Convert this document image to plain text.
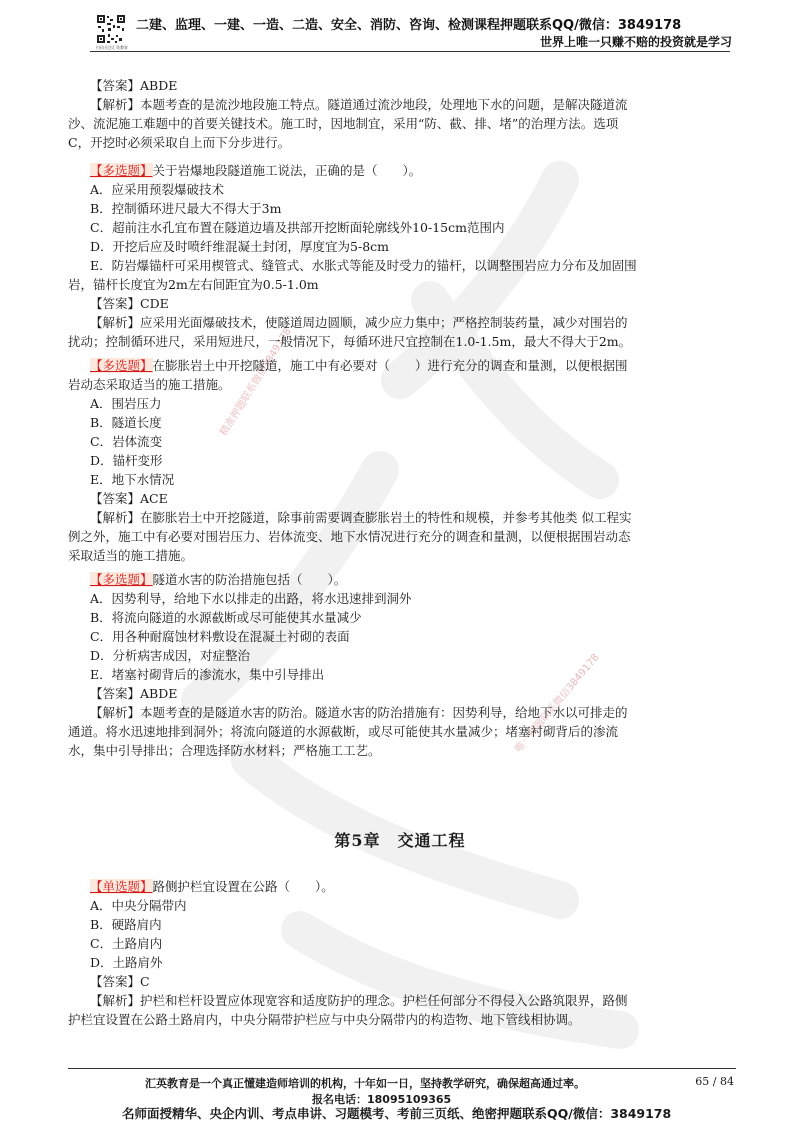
精准押题联系微信3849178
唯一押题联系微信3849178
扫码关注汇英教育
二建、监理、一建、一造、二造、安全、消防、咨询、检测课程押题联系QQ/微信：3849178
世界上唯一只赚不赔的投资就是学习
【答案】ABDE
【解析】本题考查的是流沙地段施工特点。隧道通过流沙地段，处理地下水的问题，是解决隧道流
沙、流泥施工难题中的首要关键技术。施工时，因地制宜，采用“防、截、排、堵”的治理方法。选项
C，开挖时必须采取自上而下分步进行。
【多选题】关于岩爆地段隧道施工说法，正确的是（　　）。
A．应采用预裂爆破技术
B．控制循环进尺最大不得大于3m
C．超前注水孔宜布置在隧道边墙及拱部开挖断面轮廓线外10-15cm范围内
D．开挖后应及时喷纤维混凝土封闭，厚度宜为5-8cm
E．防岩爆锚杆可采用楔管式、缝管式、水胀式等能及时受力的锚杆，以调整围岩应力分布及加固围
岩，锚杆长度宜为2m左右间距宜为0.5-1.0m
【答案】CDE
【解析】应采用光面爆破技术，使隧道周边圆顺，减少应力集中；严格控制装药量，减少对围岩的
扰动；控制循环进尺，采用短进尺，一般情况下，每循环进尺宜控制在1.0-1.5m，最大不得大于2m。
【多选题】在膨胀岩土中开挖隧道，施工中有必要对（　　）进行充分的调查和量测，以便根据围
岩动态采取适当的施工措施。
A．围岩压力
B．隧道长度
C．岩体流变
D．锚杆变形
E．地下水情况
【答案】ACE
【解析】在膨胀岩土中开挖隧道，除事前需要调查膨胀岩土的特性和规模，并参考其他类 似工程实
例之外，施工中有必要对围岩压力、岩体流变、地下水情况进行充分的调查和量测，以便根据围岩动态
采取适当的施工措施。
【多选题】隧道水害的防治措施包括（　　）。
A．因势利导，给地下水以排走的出路，将水迅速排到洞外
B．将流向隧道的水源截断或尽可能使其水量减少
C．用各种耐腐蚀材料敷设在混凝土衬砌的表面
D．分析病害成因，对症整治
E．堵塞衬砌背后的渗流水，集中引导排出
【答案】ABDE
【解析】本题考查的是隧道水害的防治。隧道水害的防治措施有：因势利导，给地下水以可排走的
通道。将水迅速地排到洞外；将流向隧道的水源截断，或尽可能使其水量减少；堵塞衬砌背后的渗流
水，集中引导排出；合理选择防水材料；严格施工工艺。
第5章　交通工程
【单选题】路侧护栏宜设置在公路（　　）。
A．中央分隔带内
B．硬路肩内
C．土路肩内
D．土路肩外
【答案】C
【解析】护栏和栏杆设置应体现宽容和适度防护的理念。护栏任何部分不得侵入公路筑限界，路侧
护栏宜设置在公路土路肩内，中央分隔带护栏应与中央分隔带内的构造物、地下管线相协调。
汇英教育是一个真正懂建造师培训的机构，十年如一日，坚持教学研究，确保超高通过率。	65 / 84
报名电话：18095109365
名师面授精华、央企内训、考点串讲、习题模考、考前三页纸、绝密押题联系QQ/微信：3849178
